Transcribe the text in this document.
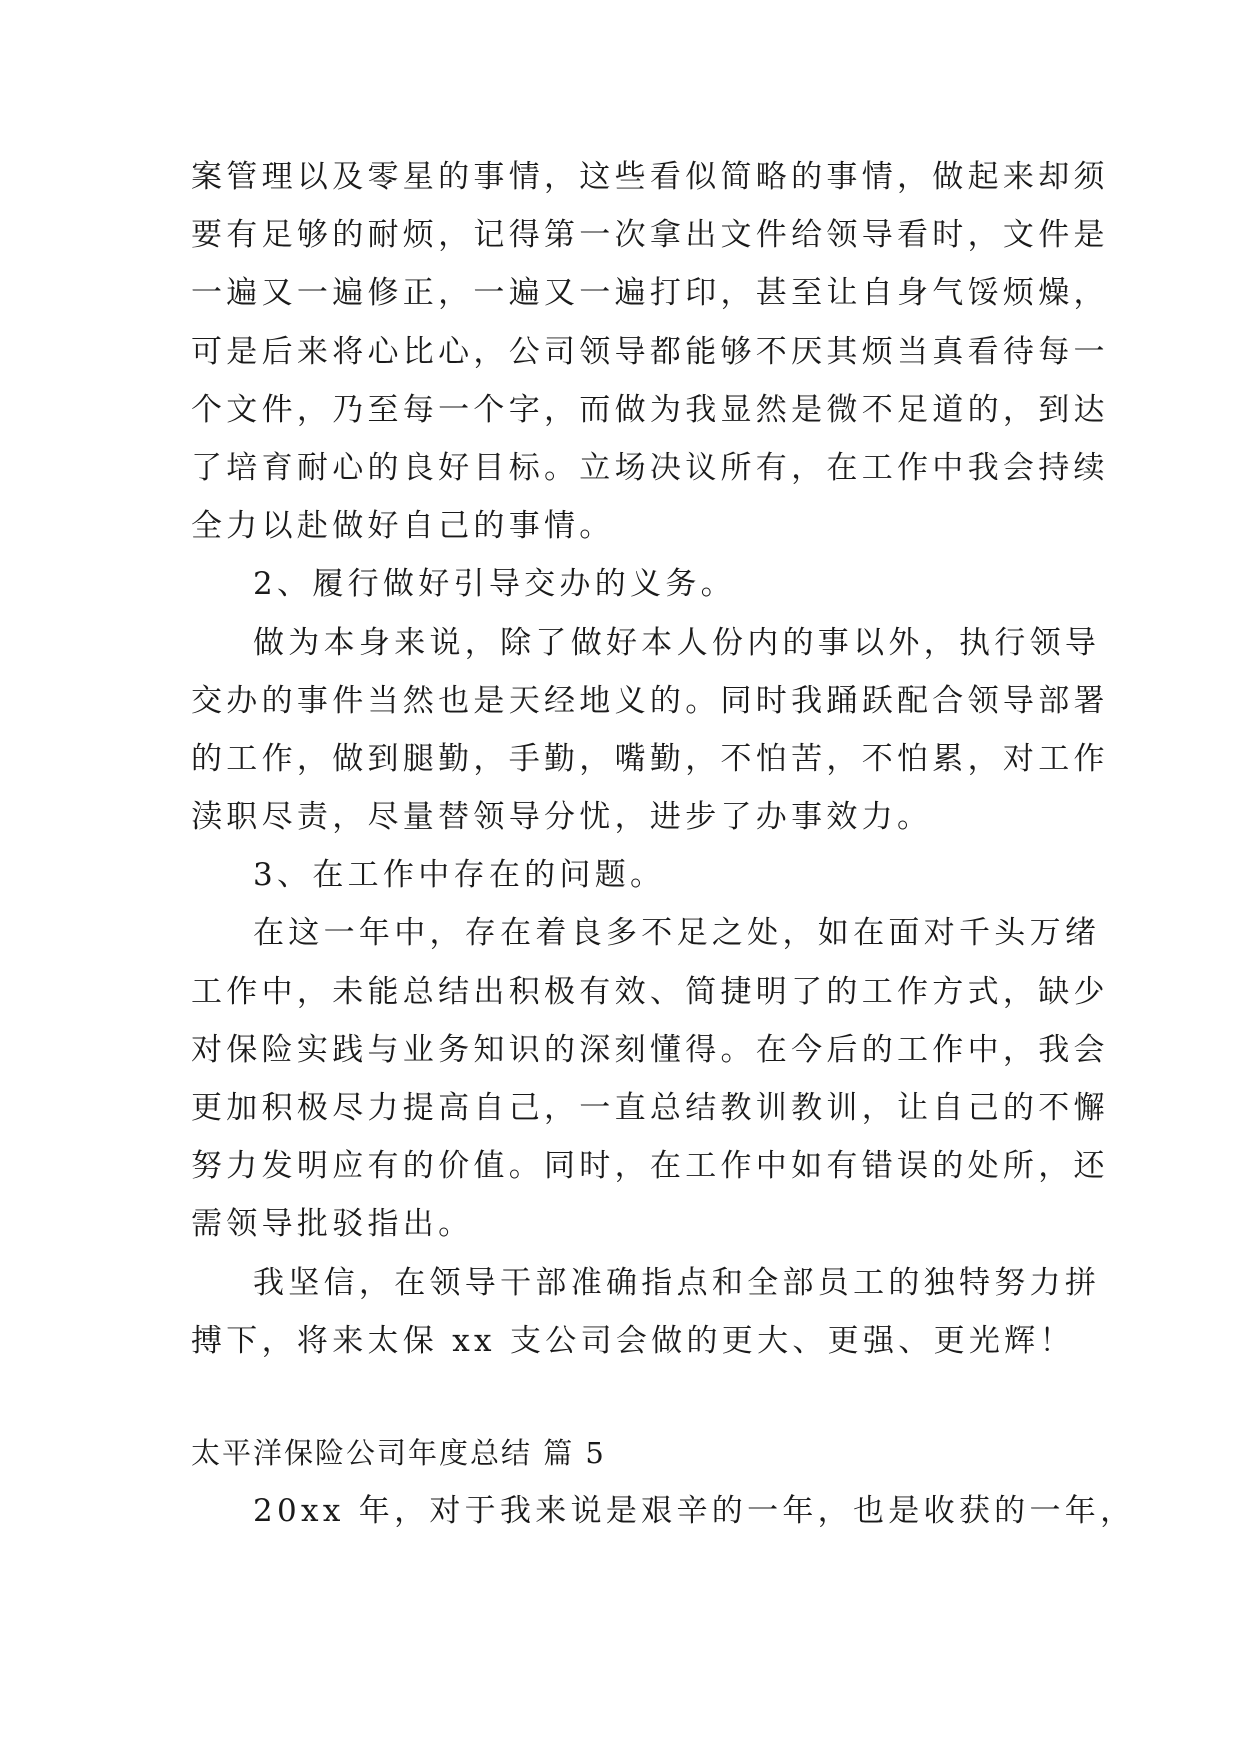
案管理以及零星的事情，这些看似简略的事情，做起来却须
要有足够的耐烦，记得第一次拿出文件给领导看时，文件是
一遍又一遍修正，一遍又一遍打印，甚至让自身气馁烦燥，
可是后来将心比心，公司领导都能够不厌其烦当真看待每一
个文件，乃至每一个字，而做为我显然是微不足道的，到达
了培育耐心的良好目标。立场决议所有，在工作中我会持续
全力以赴做好自己的事情。
2、履行做好引导交办的义务。
做为本身来说，除了做好本人份内的事以外，执行领导
交办的事件当然也是天经地义的。同时我踊跃配合领导部署
的工作，做到腿勤，手勤，嘴勤，不怕苦，不怕累，对工作
渎职尽责，尽量替领导分忧，进步了办事效力。
3、在工作中存在的问题。
在这一年中，存在着良多不足之处，如在面对千头万绪
工作中，未能总结出积极有效、简捷明了的工作方式，缺少
对保险实践与业务知识的深刻懂得。在今后的工作中，我会
更加积极尽力提高自己，一直总结教训教训，让自己的不懈
努力发明应有的价值。同时，在工作中如有错误的处所，还
需领导批驳指出。
我坚信，在领导干部准确指点和全部员工的独特努力拼
搏下，将来太保 xx 支公司会做的更大、更强、更光辉！
太平洋保险公司年度总结 篇 5
20xx 年，对于我来说是艰辛的一年，也是收获的一年，
